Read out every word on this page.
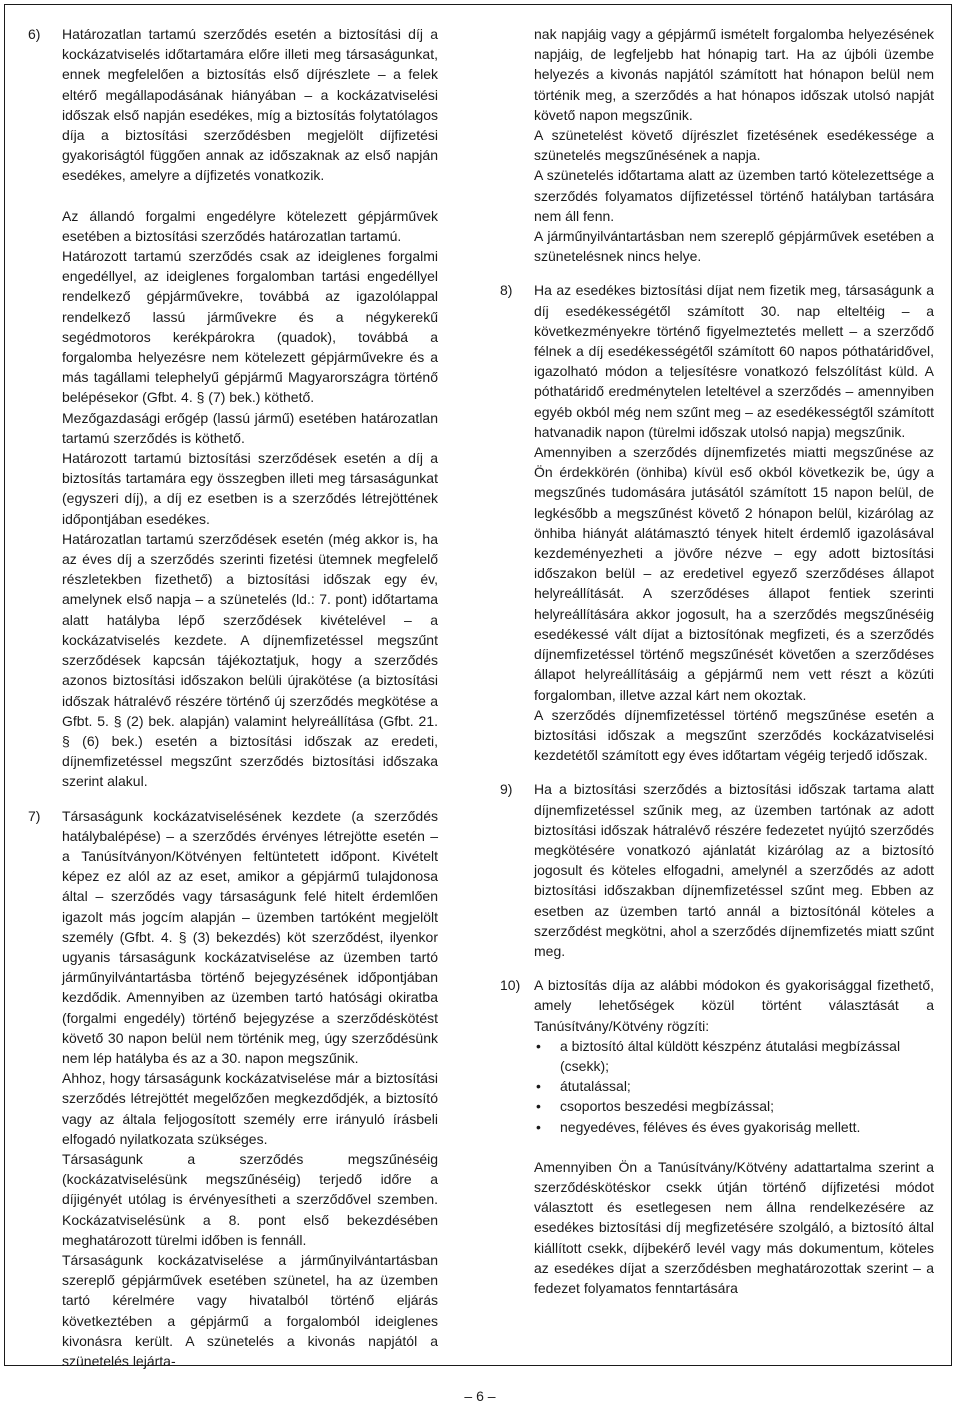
6)	Határozatlan tartamú szerződés esetén a biztosítási díj a kockázatviselés időtartamára előre illeti meg társaságunkat, ennek megfelelően a biztosítás első díjrészlete – a felek eltérő megállapodásának hiányában – a kockázatviselési időszak első napján esedékes, míg a biztosítás folytatólagos díja a biztosítási szerződésben megjelölt díjfizetési gyakoriságtól függően annak az időszaknak az első napján esedékes, amelyre a díjfizetés vonatkozik.

Az állandó forgalmi engedélyre kötelezett gépjárművek esetében a biztosítási szerződés határozatlan tartamú.

Határozott tartamú szerződés csak az ideiglenes forgalmi engedéllyel, az ideiglenes forgalomban tartási engedéllyel rendelkező gépjárművekre, továbbá az igazolólappal rendelkező lassú járművekre és a négykerekű segédmotoros kerékpárokra (quadok), továbbá a forgalomba helyezésre nem kötelezett gépjárművekre és a más tagállami telephelyű gépjármű Magyarországra történő belépésekor (Gfbt. 4. § (7) bek.) köthető.

Mezőgazdasági erőgép (lassú jármű) esetében határozatlan tartamú szerződés is köthető.

Határozott tartamú biztosítási szerződések esetén a díj a biztosítás tartamára egy összegben illeti meg társaságunkat (egyszeri díj), a díj ez esetben is a szerződés létrejöttének időpontjában esedékes.

Határozatlan tartamú szerződések esetén (még akkor is, ha az éves díj a szerződés szerinti fizetési ütemnek megfelelő részletekben fizethető) a biztosítási időszak egy év, amelynek első napja – a szünetelés (ld.: 7. pont) időtartama alatt hatályba lépő szerződések kivételével – a kockázatviselés kezdete. A díjnemfizetéssel megszűnt szerződések kapcsán tájékoztatjuk, hogy a szerződés azonos biztosítási időszakon belüli újrakötése (a biztosítási időszak hátralévő részére történő új szerződés megkötése a Gfbt. 5. § (2) bek. alapján) valamint helyreállítása (Gfbt. 21. § (6) bek.) esetén a biztosítási időszak az eredeti, díjnemfizetéssel megszűnt szerződés biztosítási időszaka szerint alakul.

7)	Társaságunk kockázatviselésének kezdete (a szerződés hatálybalépése) – a szerződés érvényes létrejötte esetén – a Tanúsítványon/Kötvényen feltüntetett időpont. Kivételt képez ez alól az az eset, amikor a gépjármű tulajdonosa által – szerződés vagy társaságunk felé hitelt érdemlően igazolt más jogcím alapján – üzemben tartóként megjelölt személy (Gfbt. 4. § (3) bekezdés) köt szerződést, ilyenkor ugyanis társaságunk kockázatviselése az üzemben tartó járműnyilvántartásba történő bejegyzésének időpontjában kezdődik. Amennyiben az üzemben tartó hatósági okiratba (forgalmi engedély) történő bejegyzése a szerződéskötést követő 30 napon belül nem történik meg, úgy szerződésünk nem lép hatályba és az a 30. napon megszűnik.

Ahhoz, hogy társaságunk kockázatviselése már a biztosítási szerződés létrejöttét megelőzően megkezdődjék, a biztosító vagy az általa feljogosított személy erre irányuló írásbeli elfogadó nyilatkozata szükséges.

Társaságunk a szerződés megszűnéséig (kockázatviselésünk megszűnéséig) terjedő időre a díjigényét utólag is érvényesítheti a szerződővel szemben. Kockázatviselésünk a 8. pont első bekezdésében meghatározott türelmi időben is fennáll.

Társaságunk kockázatviselése a járműnyilvántartásban szereplő gépjárművek esetében szünetel, ha az üzemben tartó kérelmére vagy hivatalból történő eljárás következtében a gépjármű a forgalomból ideiglenes kivonásra került. A szünetelés a kivonás napjától a szünetelés lejárta-

nak napjáig vagy a gépjármű ismételt forgalomba helyezésének napjáig, de legfeljebb hat hónapig tart. Ha az újbóli üzembe helyezés a kivonás napjától számított hat hónapon belül nem történik meg, a szerződés a hat hónapos időszak utolsó napját követő napon megszűnik.

A szünetelést követő díjrészlet fizetésének esedékessége a szünetelés megszűnésének a napja.

A szünetelés időtartama alatt az üzemben tartó kötelezettsége a szerződés folyamatos díjfizetéssel történő hatályban tartására nem áll fenn.

A járműnyilvántartásban nem szereplő gépjárművek esetében a szünetelésnek nincs helye.

8)	Ha az esedékes biztosítási díjat nem fizetik meg, társaságunk a díj esedékességétől számított 30. nap elteltéig – a következményekre történő figyelmeztetés mellett – a szerződő félnek a díj esedékességétől számított 60 napos póthatáridővel, igazolható módon a teljesítésre vonatkozó felszólítást küld. A póthatáridő eredménytelen leteltével a szerződés – amennyiben egyéb okból még nem szűnt meg – az esedékességtől számított hatvanadik napon (türelmi időszak utolsó napja) megszűnik.

Amennyiben a szerződés díjnemfizetés miatti megszűnése az Ön érdekkörén (önhiba) kívül eső okból következik be, úgy a megszűnés tudomására jutásától számított 15 napon belül, de legkésőbb a megszűnést követő 2 hónapon belül, kizárólag az önhiba hiányát alátámasztó tények hitelt érdemlő igazolásával kezdeményezheti a jövőre nézve – egy adott biztosítási időszakon belül – az eredetivel egyező szerződéses állapot helyreállítását. A szerződéses állapot fentiek szerinti helyreállítására akkor jogosult, ha a szerződés megszűnéséig esedékessé vált díjat a biztosítónak megfizeti, és a szerződés díjnemfizetéssel történő megszűnését követően a szerződéses állapot helyreállításáig a gépjármű nem vett részt a közúti forgalomban, illetve azzal kárt nem okoztak.

A szerződés díjnemfizetéssel történő megszűnése esetén a biztosítási időszak a megszűnt szerződés kockázatviselési kezdetétől számított egy éves időtartam végéig terjedő időszak.

9)	Ha a biztosítási szerződés a biztosítási időszak tartama alatt díjnemfizetéssel szűnik meg, az üzemben tartónak az adott biztosítási időszak hátralévő részére fedezetet nyújtó szerződés megkötésére vonatkozó ajánlatát kizárólag az a biztosító jogosult és köteles elfogadni, amelynél a szerződés az adott biztosítási időszakban díjnemfizetéssel szűnt meg. Ebben az esetben az üzemben tartó annál a biztosítónál köteles a szerződést megkötni, ahol a szerződés díjnemfizetés miatt szűnt meg.

10) A biztosítás díja az alábbi módokon és gyakorisággal fizethető, amely lehetőségek közül történt választását a Tanúsítvány/Kötvény rögzíti:

• a biztosító által küldött készpénz átutalási megbízással (csekk);
• átutalással;
• csoportos beszedési megbízással;
• negyedéves, féléves és éves gyakoriság mellett.

Amennyiben Ön a Tanúsítvány/Kötvény adattartalma szerint a szerződéskötéskor csekk útján történő díjfizetési módot választott és esetlegesen nem állna rendelkezésére az esedékes biztosítási díj megfizetésére szolgáló, a biztosító által kiállított csekk, díjbekérő levél vagy más dokumentum, köteles az esedékes díjat a szerződésben meghatározottak szerint – a fedezet folyamatos fenntartására

– 6 –
